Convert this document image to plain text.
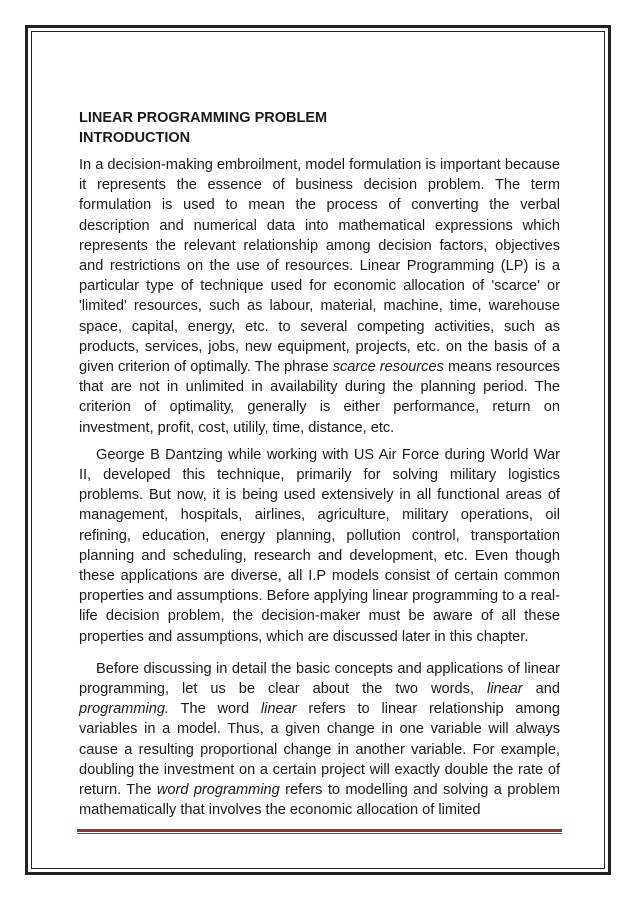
LINEAR PROGRAMMING PROBLEM

INTRODUCTION

In a decision-making embroilment, model formulation is important because it represents the essence of business decision problem. The term formulation is used to mean the process of converting the verbal description and numerical data into mathematical expressions which represents the relevant relationship among decision factors, objectives and restrictions on the use of resources. Linear Programming (LP) is a particular type of technique used for economic allocation of 'scarce' or 'limited' resources, such as labour, material, machine, time, warehouse space, capital, energy, etc. to several competing activities, such as products, services, jobs, new equipment, projects, etc. on the basis of a given criterion of optimally. The phrase scarce resources means resources that are not in unlimited in availability during the planning period. The criterion of optimality, generally is either performance, return on investment, profit, cost, utilily, time, distance, etc.

George B Dantzing while working with US Air Force during World War II, developed this technique, primarily for solving military logistics problems. But now, it is being used extensively in all functional areas of management, hospitals, airlines, agriculture, military operations, oil refining, education, energy planning, pollution control, transportation planning and scheduling, research and development, etc. Even though these applications are diverse, all I.P models consist of certain common properties and assumptions. Before applying linear programming to a real-life decision problem, the decision-maker must be aware of all these properties and assumptions, which are discussed later in this chapter.

Before discussing in detail the basic concepts and applications of linear programming, let us be clear about the two words, linear and programming. The word linear refers to linear relationship among variables in a model. Thus, a given change in one variable will always cause a resulting proportional change in another variable. For example, doubling the investment on a certain project will exactly double the rate of return. The word programming refers to modelling and solving a problem mathematically that involves the economic allocation of limited
